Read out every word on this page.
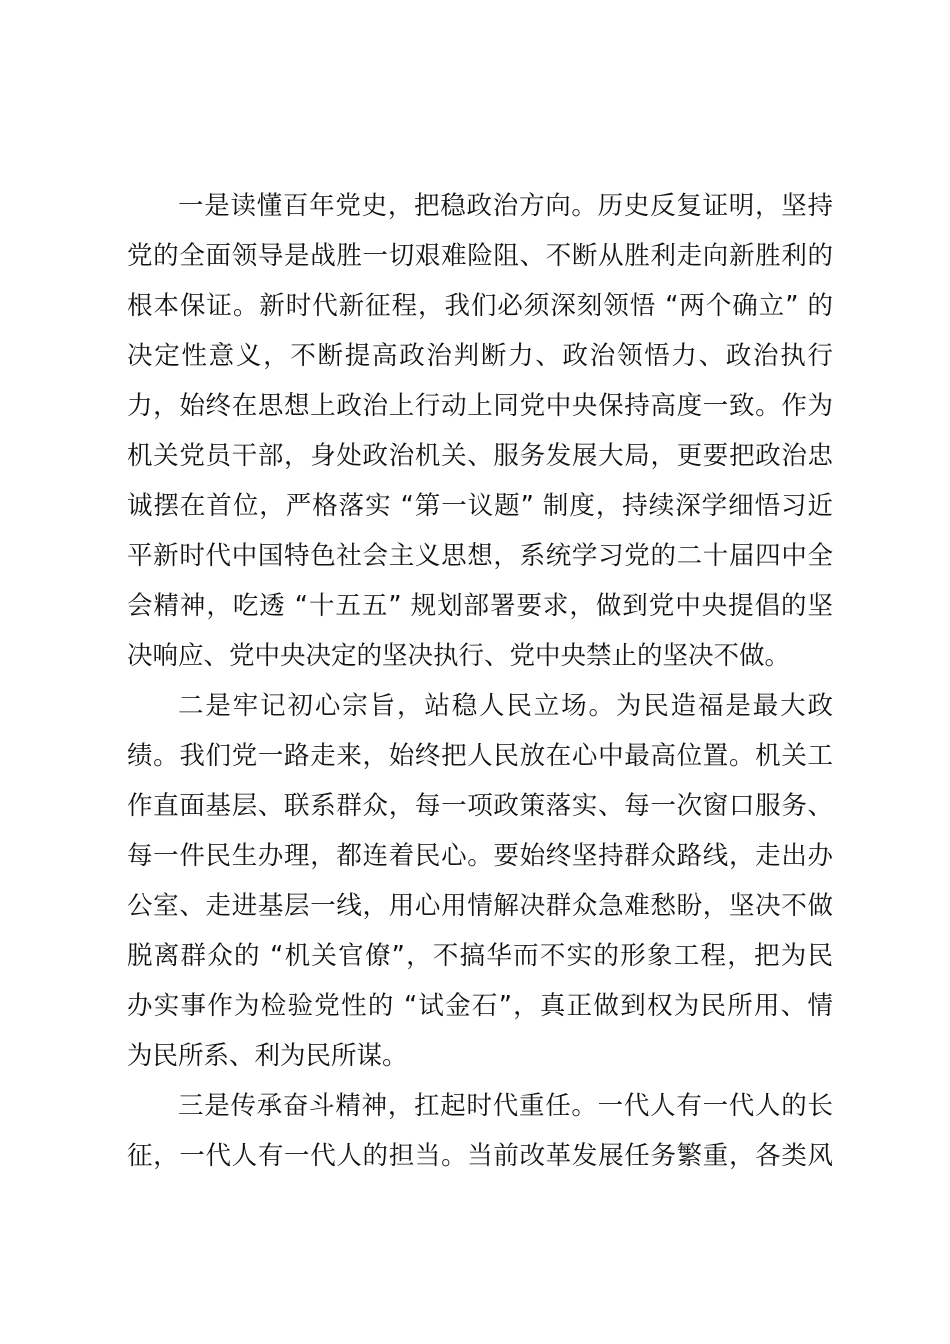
一是读懂百年党史，把稳政治方向。历史反复证明，坚持
党的全面领导是战胜一切艰难险阻、不断从胜利走向新胜利的
根本保证。新时代新征程，我们必须深刻领悟 “两个确立” 的
决定性意义，不断提高政治判断力、政治领悟力、政治执行
力，始终在思想上政治上行动上同党中央保持高度一致。作为
机关党员干部，身处政治机关、服务发展大局，更要把政治忠
诚摆在首位，严格落实 “第一议题” 制度，持续深学细悟习近
平新时代中国特色社会主义思想，系统学习党的二十届四中全
会精神，吃透 “十五五” 规划部署要求，做到党中央提倡的坚
决响应、党中央决定的坚决执行、党中央禁止的坚决不做。
二是牢记初心宗旨，站稳人民立场。为民造福是最大政
绩。我们党一路走来，始终把人民放在心中最高位置。机关工
作直面基层、联系群众，每一项政策落实、每一次窗口服务、
每一件民生办理，都连着民心。要始终坚持群众路线，走出办
公室、走进基层一线，用心用情解决群众急难愁盼，坚决不做
脱离群众的 “机关官僚”，不搞华而不实的形象工程，把为民
办实事作为检验党性的 “试金石”，真正做到权为民所用、情
为民所系、利为民所谋。
三是传承奋斗精神，扛起时代重任。一代人有一代人的长
征，一代人有一代人的担当。当前改革发展任务繁重，各类风
